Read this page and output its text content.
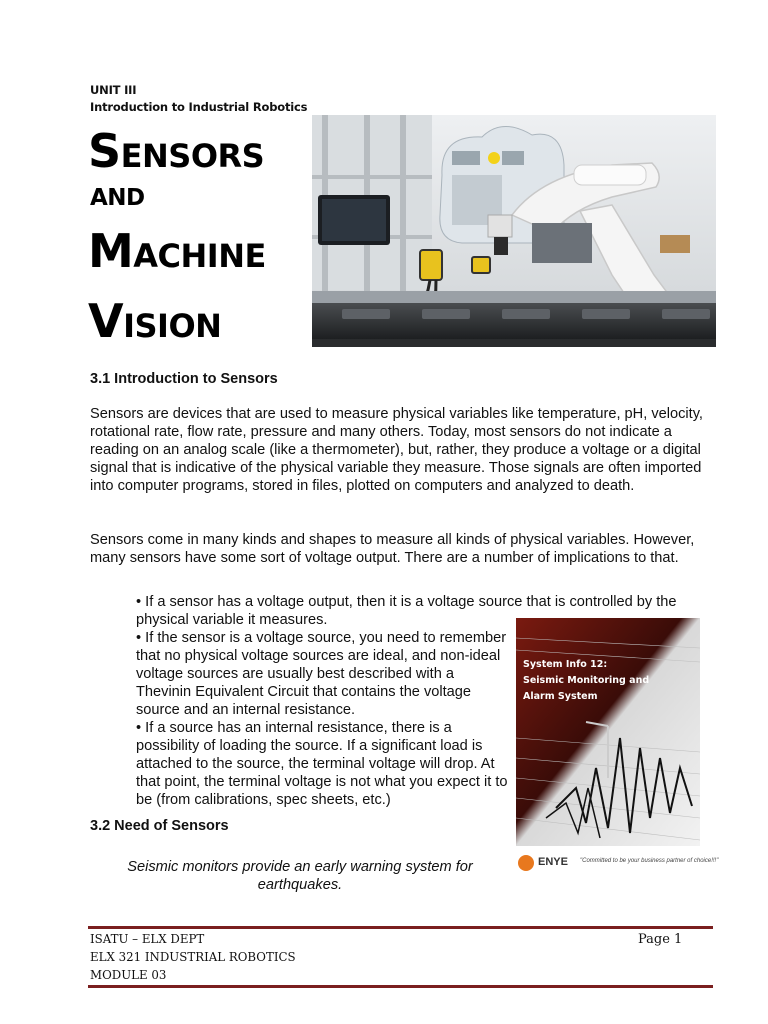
UNIT III
Introduction to Industrial Robotics
Sensors
AND
Machine
Vision
3.1 Introduction to Sensors

Sensors are devices that are used to measure physical variables like temperature, pH, velocity, rotational rate, flow rate, pressure and many others. Today, most sensors do not indicate a reading on an analog scale (like a thermometer), but, rather, they produce a voltage or a digital signal that is indicative of the physical variable they measure. Those signals are often imported into computer programs, stored in files, plotted on computers and analyzed to death.

Sensors come in many kinds and shapes to measure all kinds of physical variables. However, many sensors have some sort of voltage output. There are a number of implications to that.

• If a sensor has a voltage output, then it is a voltage source that is controlled by the physical variable it measures.

• If the sensor is a voltage source, you need to remember that no physical voltage sources are ideal, and non-ideal voltage sources are usually best described with a Thevinin Equivalent Circuit that contains the voltage source and an internal resistance.

• If a source has an internal resistance, there is a possibility of loading the source. If a significant load is attached to the source, the terminal voltage will drop. At that point, the terminal voltage is not what you expect it to be (from calibrations, spec sheets, etc.)

System Info 12:
Seismic Monitoring and
Alarm System
ENYE "Committed to be your business partner of choice!!!"
3.2 Need of Sensors

Seismic monitors provide an early warning system for earthquakes.

ISATU – ELX DEPT
ELX 321 INDUSTRIAL ROBOTICS
MODULE 03
Page 1
